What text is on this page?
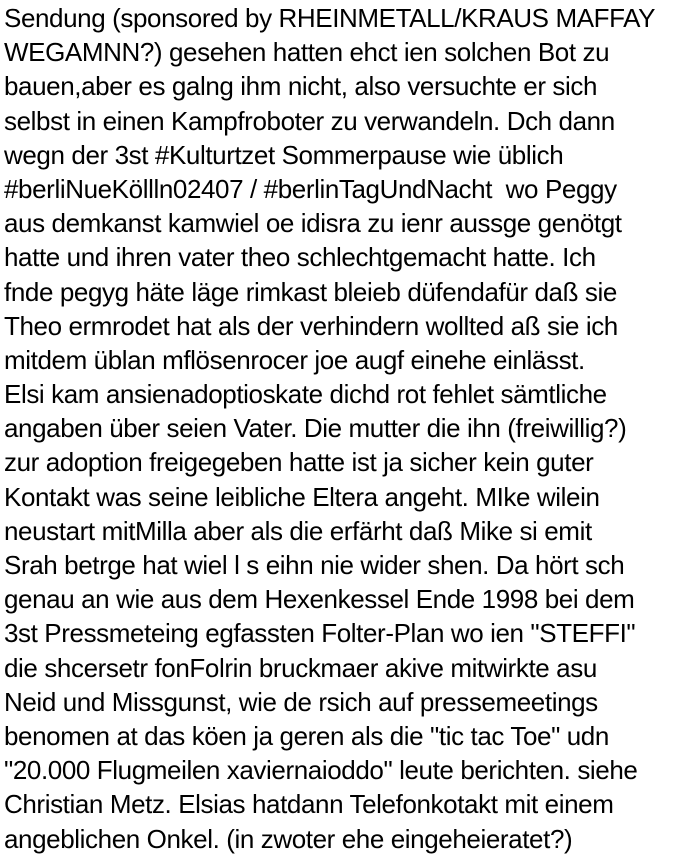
Sendung (sponsored by RHEINMETALL/KRAUS MAFFAY
WEGAMNN?) gesehen hatten ehct ien solchen Bot zu
bauen,aber es galng ihm nicht, also versuchte er sich
selbst in einen Kampfroboter zu verwandeln. Dch dann
wegn der 3st #Kulturtzet Sommerpause wie üblich
#berliNueKöllln02407 / #berlinTagUndNacht  wo Peggy
aus demkanst kamwiel oe idisra zu ienr aussge genötgt
hatte und ihren vater theo schlechtgemacht hatte. Ich
fnde pegyg häte läge rimkast bleieb düfendafür daß sie
Theo ermrodet hat als der verhindern wollted aß sie ich
mitdem üblan mflösenrocer joe augf einehe einlässt.
Elsi kam ansienadoptioskate dichd rot fehlet sämtliche
angaben über seien Vater. Die mutter die ihn (freiwillig?)
zur adoption freigegeben hatte ist ja sicher kein guter
Kontakt was seine leibliche Eltera angeht. MIke wilein
neustart mitMilla aber als die erfärht daß Mike si emit
Srah betrge hat wiel l s eihn nie wider shen. Da hört sch
genau an wie aus dem Hexenkessel Ende 1998 bei dem
3st Pressmeteing egfassten Folter-Plan wo ien "STEFFI"
die shcersetr fonFolrin bruckmaer akive mitwirkte asu
Neid und Missgunst, wie de rsich auf pressemeetings
benomen at das köen ja geren als die "tic tac Toe" udn
"20.000 Flugmeilen xaviernaioddo" leute berichten. siehe
Christian Metz. Elsias hatdann Telefonkotakt mit einem
angeblichen Onkel. (in zwoter ehe eingeheieratet?)
